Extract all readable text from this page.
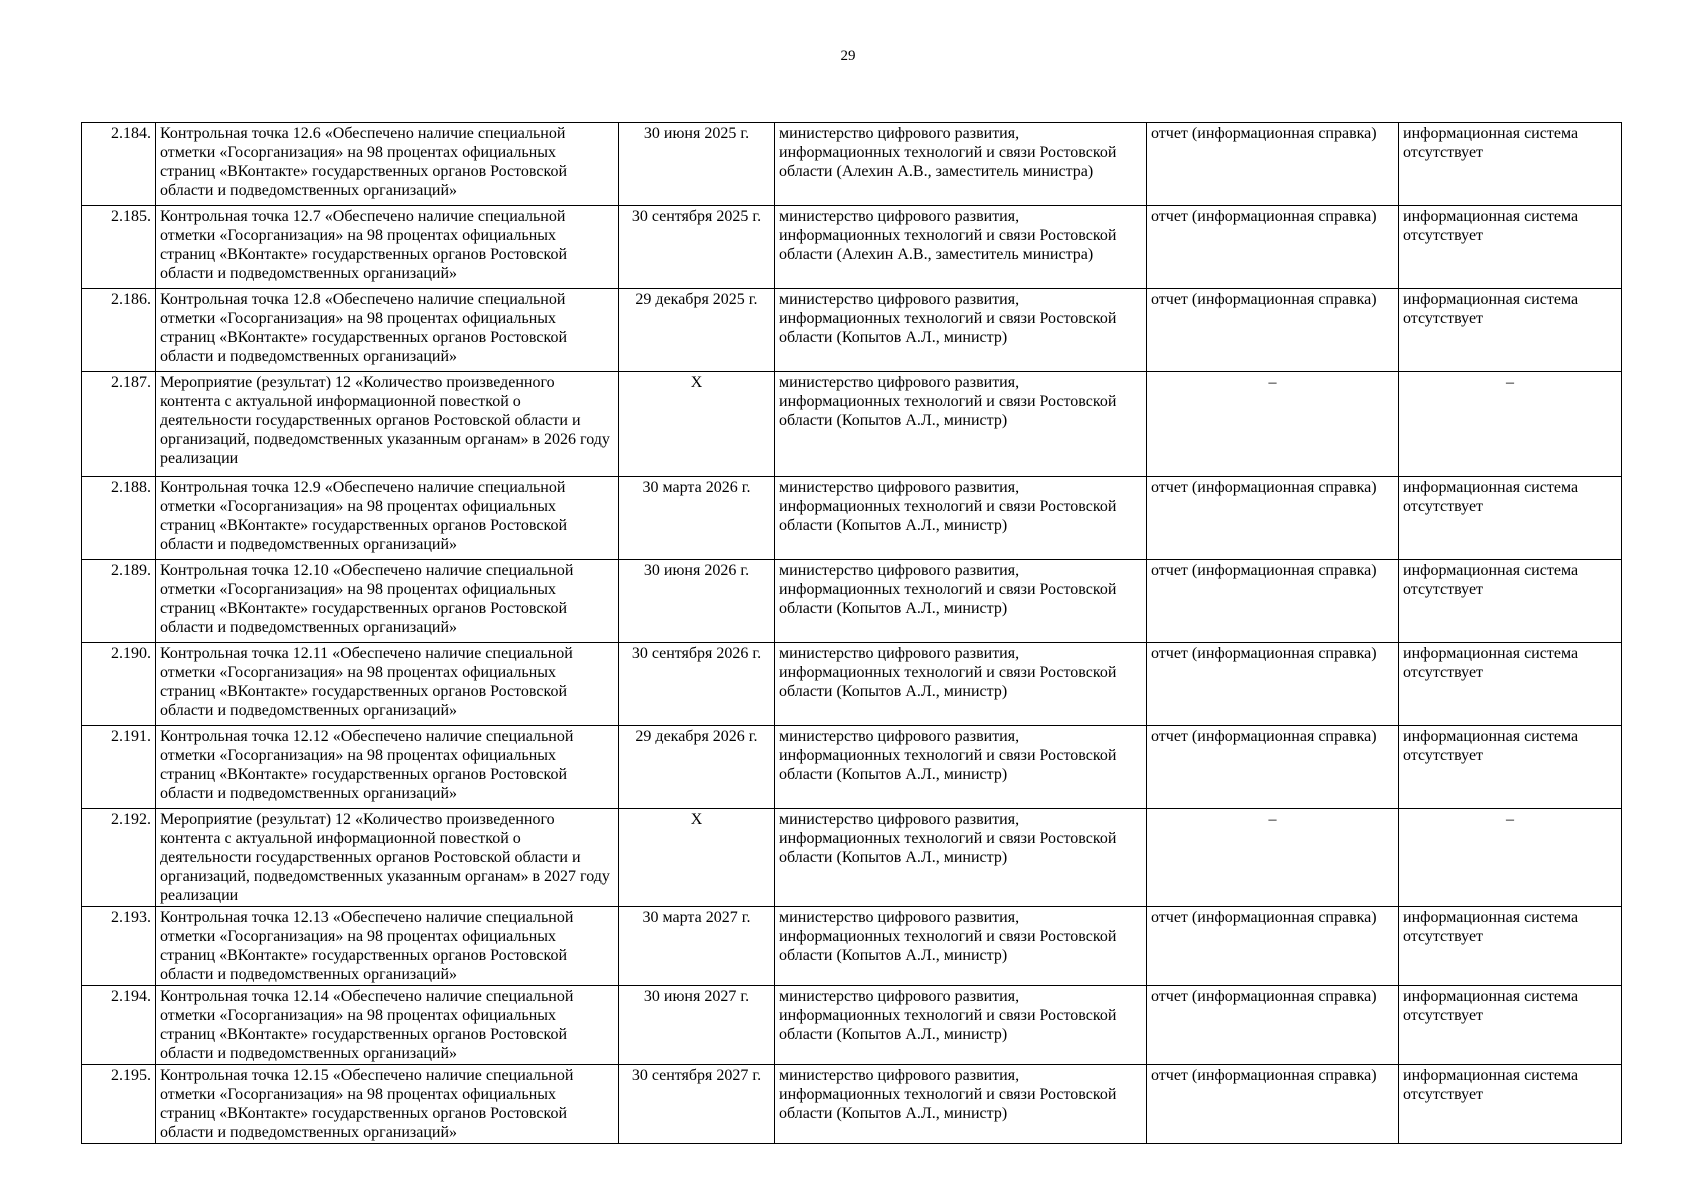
29
2.184.	Контрольная точка 12.6 «Обеспечено наличие специальной отметки «Госорганизация» на 98 процентах официальных страниц «ВКонтакте» государственных органов Ростовской области и подведомственных организаций»	30 июня 2025 г.	министерство цифрового развития, информационных технологий и связи Ростовской области (Алехин А.В., заместитель министра)	отчет (информационная справка)	информационная система отсутствует
2.185.	Контрольная точка 12.7 «Обеспечено наличие специальной отметки «Госорганизация» на 98 процентах официальных страниц «ВКонтакте» государственных органов Ростовской области и подведомственных организаций»	30 сентября 2025 г.	министерство цифрового развития, информационных технологий и связи Ростовской области (Алехин А.В., заместитель министра)	отчет (информационная справка)	информационная система отсутствует
2.186.	Контрольная точка 12.8 «Обеспечено наличие специальной отметки «Госорганизация» на 98 процентах официальных страниц «ВКонтакте» государственных органов Ростовской области и подведомственных организаций»	29 декабря 2025 г.	министерство цифрового развития, информационных технологий и связи Ростовской области (Копытов А.Л., министр)	отчет (информационная справка)	информационная система отсутствует
2.187.	Мероприятие (результат) 12 «Количество произведенного контента с актуальной информационной повесткой о деятельности государственных органов Ростовской области и организаций, подведомственных указанным органам» в 2026 году реализации	X	министерство цифрового развития, информационных технологий и связи Ростовской области (Копытов А.Л., министр)	–	–
2.188.	Контрольная точка 12.9 «Обеспечено наличие специальной отметки «Госорганизация» на 98 процентах официальных страниц «ВКонтакте» государственных органов Ростовской области и подведомственных организаций»	30 марта 2026 г.	министерство цифрового развития, информационных технологий и связи Ростовской области (Копытов А.Л., министр)	отчет (информационная справка)	информационная система отсутствует
2.189.	Контрольная точка 12.10 «Обеспечено наличие специальной отметки «Госорганизация» на 98 процентах официальных страниц «ВКонтакте» государственных органов Ростовской области и подведомственных организаций»	30 июня 2026 г.	министерство цифрового развития, информационных технологий и связи Ростовской области (Копытов А.Л., министр)	отчет (информационная справка)	информационная система отсутствует
2.190.	Контрольная точка 12.11 «Обеспечено наличие специальной отметки «Госорганизация» на 98 процентах официальных страниц «ВКонтакте» государственных органов Ростовской области и подведомственных организаций»	30 сентября 2026 г.	министерство цифрового развития, информационных технологий и связи Ростовской области (Копытов А.Л., министр)	отчет (информационная справка)	информационная система отсутствует
2.191.	Контрольная точка 12.12 «Обеспечено наличие специальной отметки «Госорганизация» на 98 процентах официальных страниц «ВКонтакте» государственных органов Ростовской области и подведомственных организаций»	29 декабря 2026 г.	министерство цифрового развития, информационных технологий и связи Ростовской области (Копытов А.Л., министр)	отчет (информационная справка)	информационная система отсутствует
2.192.	Мероприятие (результат) 12 «Количество произведенного контента с актуальной информационной повесткой о деятельности государственных органов Ростовской области и организаций, подведомственных указанным органам» в 2027 году реализации	X	министерство цифрового развития, информационных технологий и связи Ростовской области (Копытов А.Л., министр)	–	–
2.193.	Контрольная точка 12.13 «Обеспечено наличие специальной отметки «Госорганизация» на 98 процентах официальных страниц «ВКонтакте» государственных органов Ростовской области и подведомственных организаций»	30 марта 2027 г.	министерство цифрового развития, информационных технологий и связи Ростовской области (Копытов А.Л., министр)	отчет (информационная справка)	информационная система отсутствует
2.194.	Контрольная точка 12.14 «Обеспечено наличие специальной отметки «Госорганизация» на 98 процентах официальных страниц «ВКонтакте» государственных органов Ростовской области и подведомственных организаций»	30 июня 2027 г.	министерство цифрового развития, информационных технологий и связи Ростовской области (Копытов А.Л., министр)	отчет (информационная справка)	информационная система отсутствует
2.195.	Контрольная точка 12.15 «Обеспечено наличие специальной отметки «Госорганизация» на 98 процентах официальных страниц «ВКонтакте» государственных органов Ростовской области и подведомственных организаций»	30 сентября 2027 г.	министерство цифрового развития, информационных технологий и связи Ростовской области (Копытов А.Л., министр)	отчет (информационная справка)	информационная система отсутствует
